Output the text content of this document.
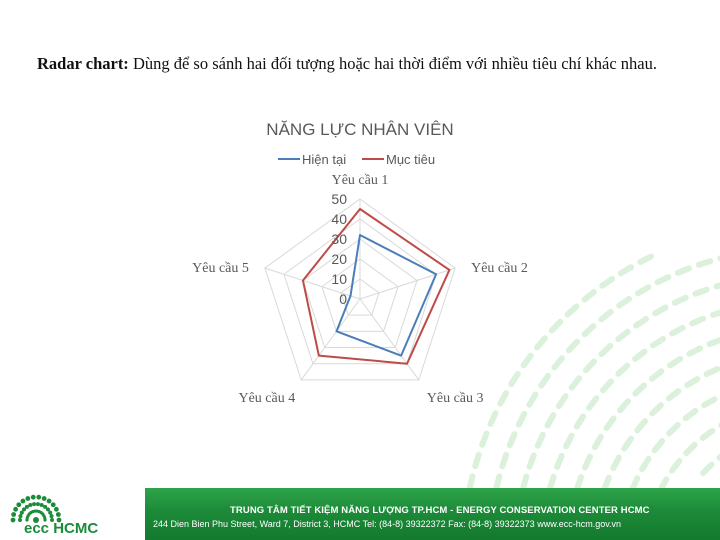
Radar chart: Dùng để so sánh hai đối tượng hoặc hai thời điểm với nhiều tiêu chí khác nhau.
NĂNG LỰC NHÂN VIÊN
Hiện tại	Mục tiêu
0
10
20
30
40
50
Yêu cầu 1
Yêu cầu 2
Yêu cầu 3
Yêu cầu 4
Yêu cầu 5
TRUNG TÂM TIẾT KIỆM NĂNG LƯỢNG TP.HCM - ENERGY CONSERVATION CENTER HCMC
244 Dien Bien Phu Street, Ward 7, District 3, HCMC Tel: (84-8) 39322372 Fax: (84-8) 39322373 www.ecc-hcm.gov.vn
ecc HCMC
